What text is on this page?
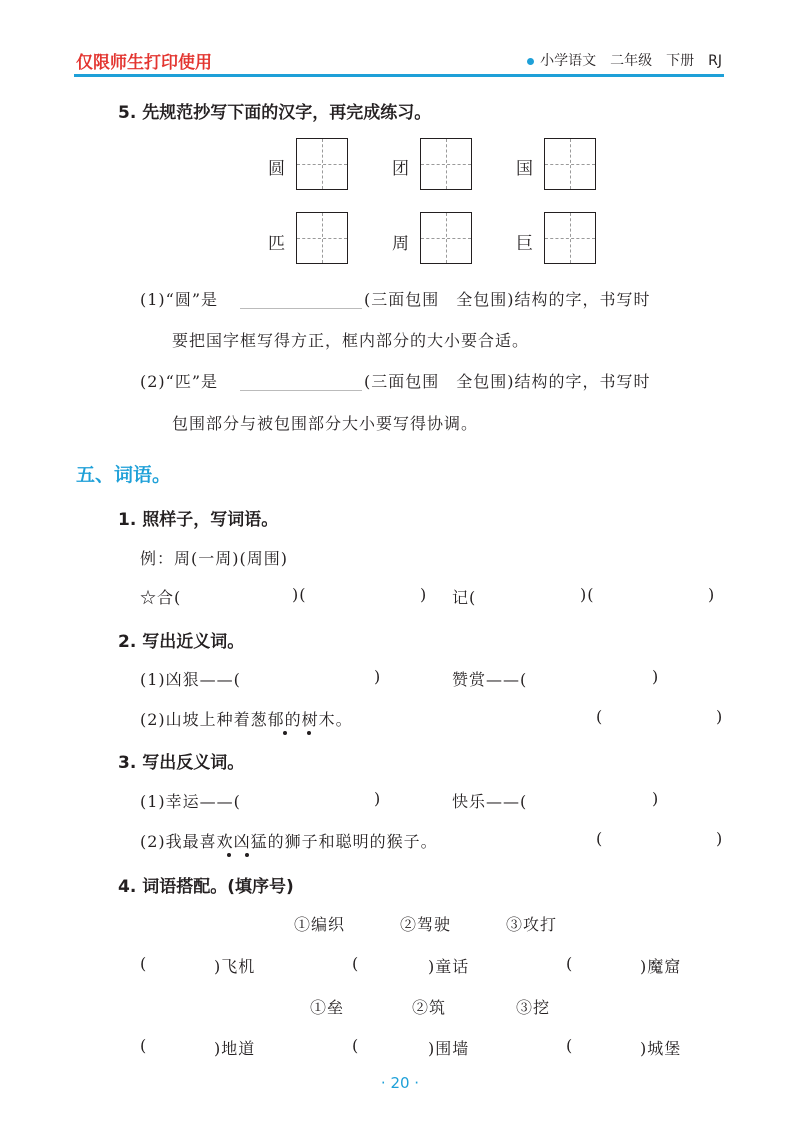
仅限师生打印使用	小学语文 二年级 下册 RJ
5. 先规范抄写下面的汉字，再完成练习。
圆	团	国
匹	周	巨
(1)“圆”是	(三面包围　全包围)结构的字，书写时
要把国字框写得方正，框内部分的大小要合适。
(2)“匹”是	(三面包围　全包围)结构的字，书写时
包围部分与被包围部分大小要写得协调。
五、词语。
1. 照样子，写词语。
例：周(一周)(周围)
☆合(	)(	) 记(	)(	)
2. 写出近义词。
(1)凶狠——(	)	赞赏——(	)
(2)山坡上种着葱郁的树木。	(	)
3. 写出反义词。
(1)幸运——(	)	快乐——(	)
(2)我最喜欢凶猛的狮子和聪明的猴子。	(	)
4. 词语搭配。(填序号)
①编织	②驾驶	③攻打
(	)飞机	(	)童话	(	)魔窟
①垒	②筑	③挖
(	)地道	(	)围墙	(	)城堡
· 20 ·
